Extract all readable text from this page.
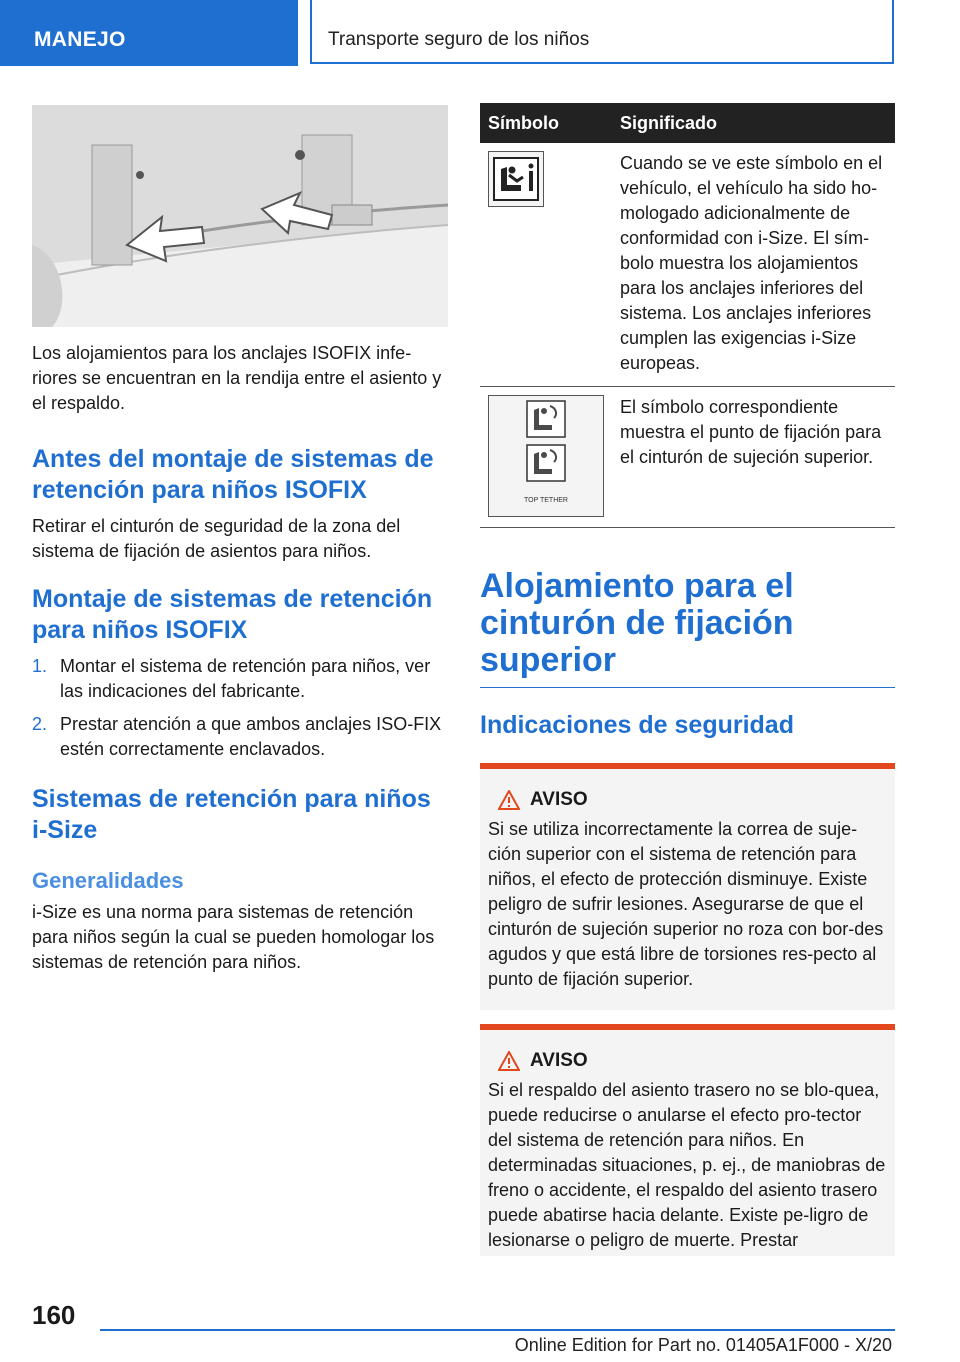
MANEJO	Transporte seguro de los niños

Los alojamientos para los anclajes ISOFIX infe-riores se encuentran en la rendija entre el asiento y el respaldo.

Antes del montaje de sistemas de retención para niños ISOFIX

Retirar el cinturón de seguridad de la zona del sistema de fijación de asientos para niños.

Montaje de sistemas de retención para niños ISOFIX
1. Montar el sistema de retención para niños, ver las indicaciones del fabricante.
2. Prestar atención a que ambos anclajes ISO-FIX estén correctamente enclavados.
Sistemas de retención para niños i-Size
Generalidades

i-Size es una norma para sistemas de retención para niños según la cual se pueden homologar los sistemas de retención para niños.

Símbolo	Significado

	Cuando se ve este símbolo en el vehículo, el vehículo ha sido ho-mologado adicionalmente de conformidad con i-Size. El sím-bolo muestra los alojamientos para los anclajes inferiores del sistema. Los anclajes inferiores cumplen las exigencias i-Size europeas.

TOP TETHER	El símbolo correspondiente muestra el punto de fijación para el cinturón de sujeción superior.
Alojamiento para el cinturón de fijación superior
Indicaciones de seguridad
AVISO

Si se utiliza incorrectamente la correa de suje-ción superior con el sistema de retención para niños, el efecto de protección disminuye. Existe peligro de sufrir lesiones. Asegurarse de que el cinturón de sujeción superior no roza con bor-des agudos y que está libre de torsiones res-pecto al punto de fijación superior.

AVISO

Si el respaldo del asiento trasero no se blo-quea, puede reducirse o anularse el efecto pro-tector del sistema de retención para niños. En determinadas situaciones, p. ej., de maniobras de freno o accidente, el respaldo del asiento trasero puede abatirse hacia delante. Existe pe-ligro de lesionarse o peligro de muerte. Prestar

160
Online Edition for Part no. 01405A1F000 - X/20
